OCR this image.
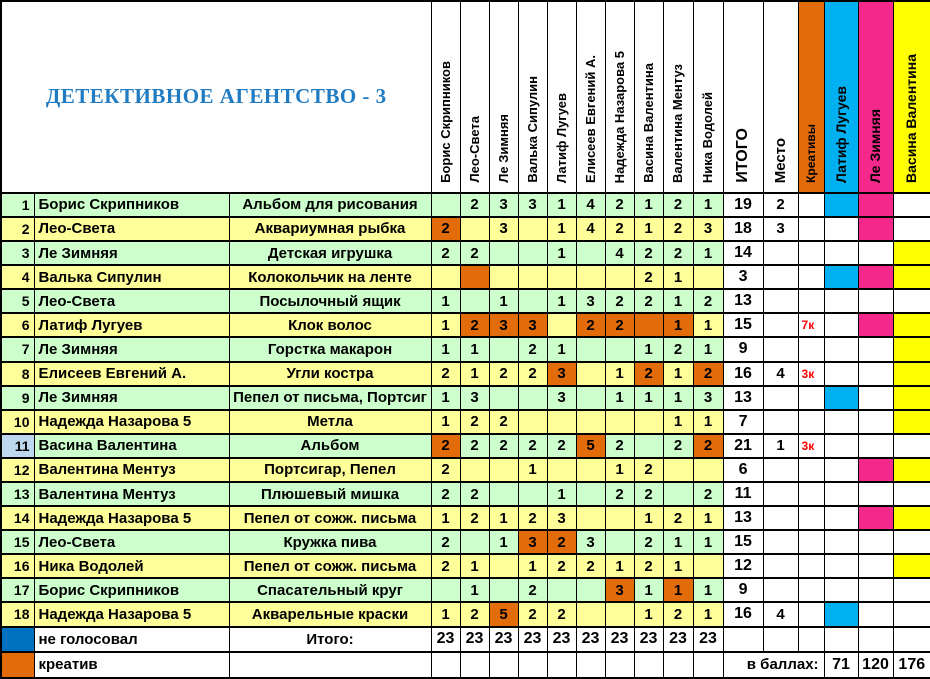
ДЕТЕКТИВНОЕ АГЕНТСТВО - 3			Борис Скрипников	Лео-Света	Ле Зимняя	Валька Сипулин	Латиф Лугуев	Елисеев Евгений А.	Надежда Назарова 5	Васина Валентина	Валентина Ментуз	Ника Водолей	ИТОГО	Место	Креативы	Латиф Лугуев	Ле Зимняя	Васина Валентина
1	Борис Скрипников	Альбом для рисования		2	3	3	1	4	2	1	2	1	19	2				
2	Лео-Света	Аквариумная рыбка	2		3		1	4	2	1	2	3	18	3				
3	Ле Зимняя	Детская игрушка	2	2			1		4	2	2	1	14					
4	Валька Сипулин	Колокольчик на ленте								2	1		3					
5	Лео-Света	Посылочный ящик	1		1		1	3	2	2	1	2	13					
6	Латиф Лугуев	Клок волос	1	2	3	3		2	2		1	1	15		7к			
7	Ле Зимняя	Горстка макарон	1	1		2	1			1	2	1	9					
8	Елисеев Евгений А.	Угли костра	2	1	2	2	3		1	2	1	2	16	4	3к			
9	Ле Зимняя	Пепел от письма, Портсиг	1	3			3		1	1	1	3	13					
10	Надежда Назарова 5	Метла	1	2	2						1	1	7					
11	Васина Валентина	Альбом	2	2	2	2	2	5	2		2	2	21	1	3к			
12	Валентина Ментуз	Портсигар, Пепел	2			1			1	2			6					
13	Валентина Ментуз	Плюшевый мишка	2	2			1		2	2		2	11					
14	Надежда Назарова 5	Пепел от сожж. письма	1	2	1	2	3			1	2	1	13					
15	Лео-Света	Кружка пива	2		1	3	2	3		2	1	1	15					
16	Ника Водолей	Пепел от сожж. письма	2	1		1	2	2	1	2	1		12					
17	Борис Скрипников	Спасательный круг		1		2			3	1	1	1	9					
18	Надежда Назарова 5	Акварельные краски	1	2	5	2	2			1	2	1	16	4				
	не голосовал	Итого:	23	23	23	23	23	23	23	23	23	23						
	креатив												в баллах:			71	120	176
